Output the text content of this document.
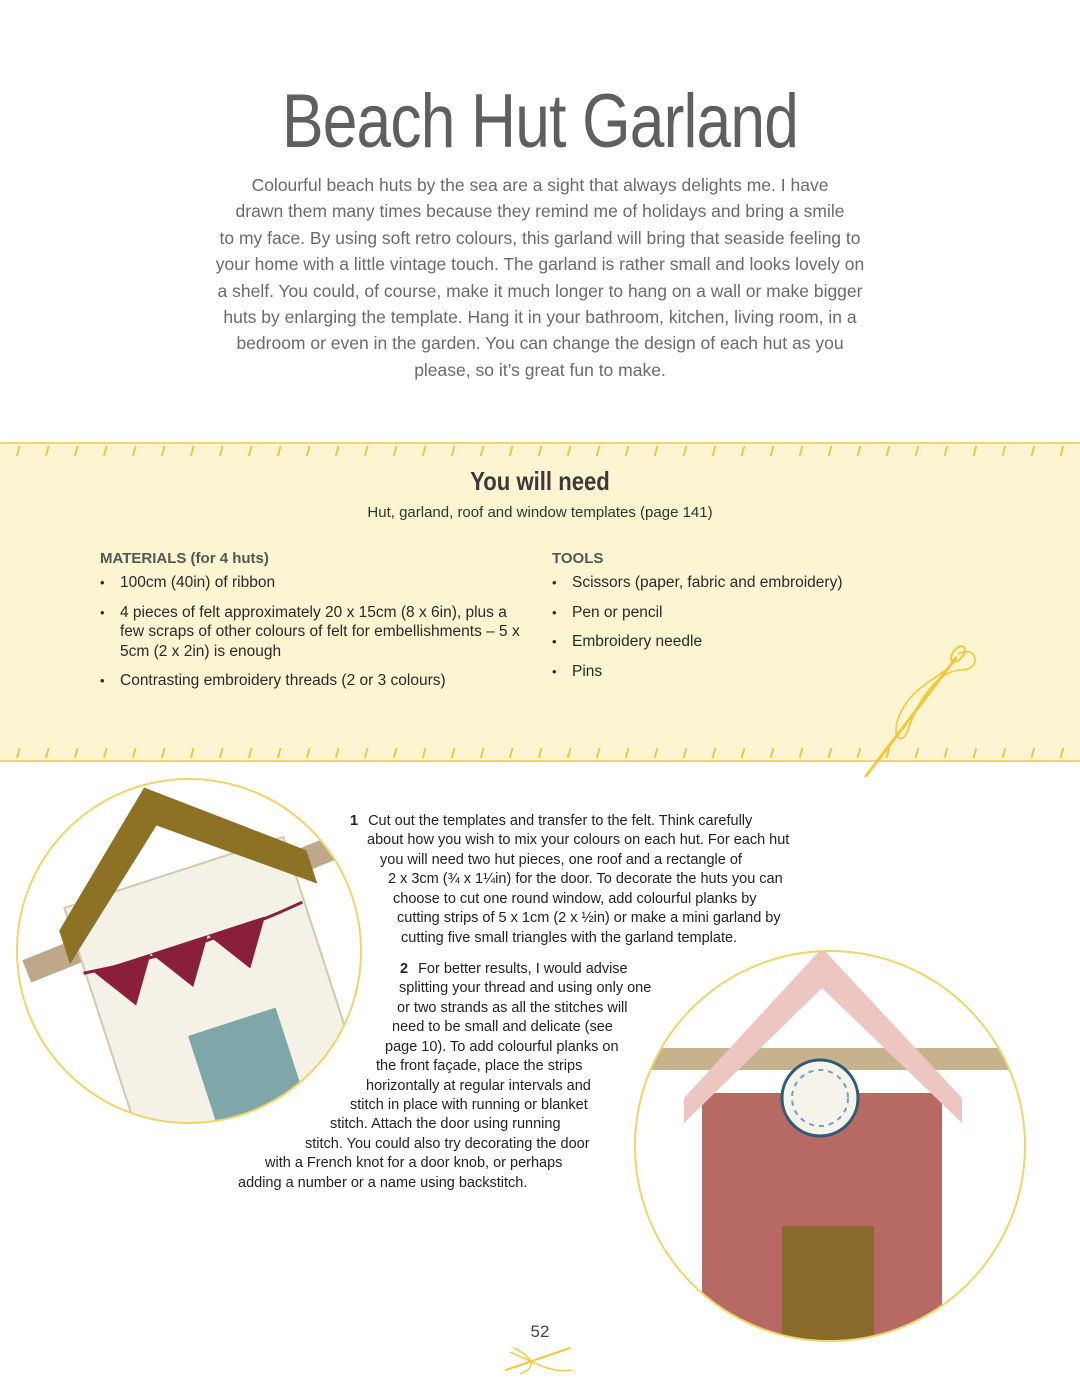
Beach Hut Garland
Colourful beach huts by the sea are a sight that always delights me. I have
drawn them many times because they remind me of holidays and bring a smile
to my face. By using soft retro colours, this garland will bring that seaside feeling to
your home with a little vintage touch. The garland is rather small and looks lovely on
a shelf. You could, of course, make it much longer to hang on a wall or make bigger
huts by enlarging the template. Hang it in your bathroom, kitchen, living room, in a
bedroom or even in the garden. You can change the design of each hut as you
please, so it’s great fun to make.
You will need
Hut, garland, roof and window templates (page 141)
MATERIALS (for 4 huts)
• 100cm (40in) of ribbon
• 4 pieces of felt approximately 20 x 15cm (8 x 6in), plus a few scraps of other colours of felt for embellishments – 5 x 5cm (2 x 2in) is enough
• Contrasting embroidery threads (2 or 3 colours)
TOOLS
• Scissors (paper, fabric and embroidery)
• Pen or pencil
• Embroidery needle
• Pins
1 Cut out the templates and transfer to the felt. Think carefully
about how you wish to mix your colours on each hut. For each hut
you will need two hut pieces, one roof and a rectangle of
2 x 3cm (¾ x 1¼in) for the door. To decorate the huts you can
choose to cut one round window, add colourful planks by
cutting strips of 5 x 1cm (2 x ½in) or make a mini garland by
cutting five small triangles with the garland template.
2 For better results, I would advise
splitting your thread and using only one
or two strands as all the stitches will
need to be small and delicate (see
page 10). To add colourful planks on
the front façade, place the strips
horizontally at regular intervals and
stitch in place with running or blanket
stitch. Attach the door using running
stitch. You could also try decorating the door
with a French knot for a door knob, or perhaps
adding a number or a name using backstitch.
52
